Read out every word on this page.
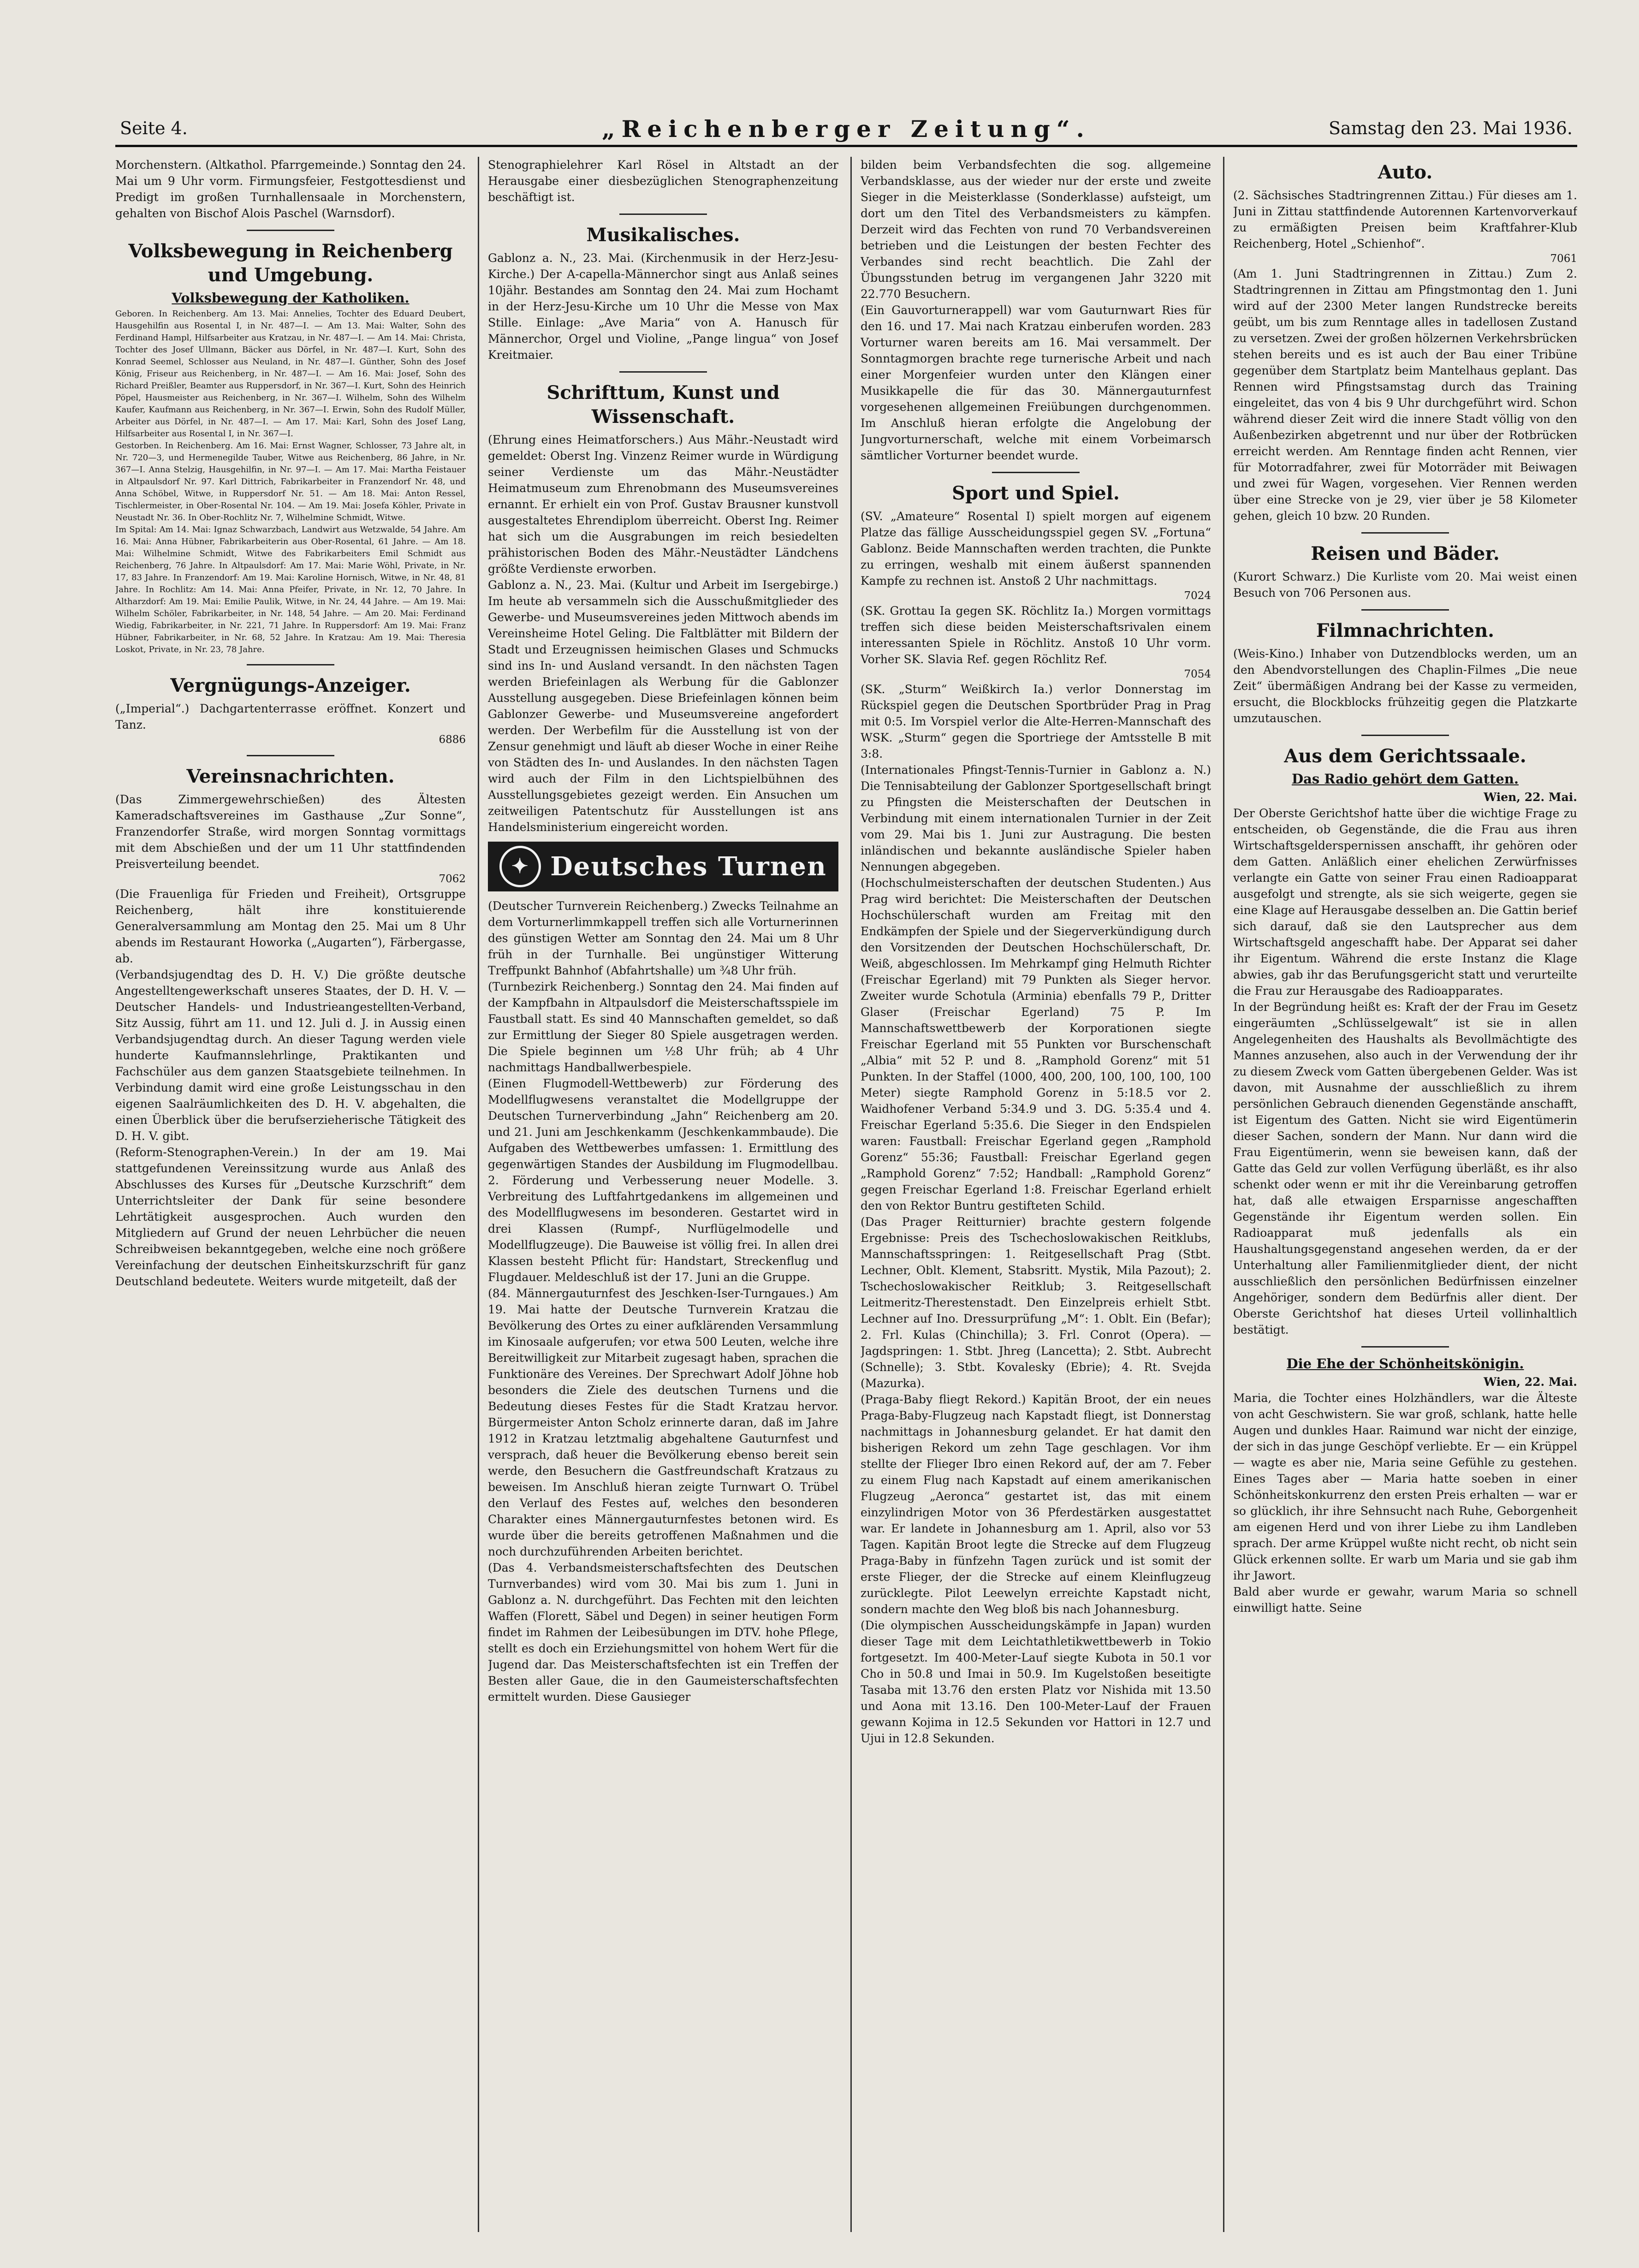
Seite 4.	„Reichenberger Zeitung“.	Samstag den 23. Mai 1936.

Morchenstern. (Altkathol. Pfarrgemeinde.) Sonntag den 24. Mai um 9 Uhr vorm. Firmungsfeier, Festgottesdienst und Predigt im großen Turnhallensaale in Morchenstern, gehalten von Bischof Alois Paschel (Warnsdorf).

Volksbewegung in Reichenberg und Umgebung.
Volksbewegung der Katholiken.

Geboren. In Reichenberg. Am 13. Mai: Annelies, Tochter des Eduard Deubert, Hausgehilfin aus Rosental I, in Nr. 487—I. — Am 13. Mai: Walter, Sohn des Ferdinand Hampl, Hilfsarbeiter aus Kratzau, in Nr. 487—I. — Am 14. Mai: Christa, Tochter des Josef Ullmann, Bäcker aus Dörfel, in Nr. 487—I. Kurt, Sohn des Konrad Seemel, Schlosser aus Neuland, in Nr. 487—I. Günther, Sohn des Josef König, Friseur aus Reichenberg, in Nr. 487—I. — Am 16. Mai: Josef, Sohn des Richard Preißler, Beamter aus Ruppersdorf, in Nr. 367—I. Kurt, Sohn des Heinrich Pöpel, Hausmeister aus Reichenberg, in Nr. 367—I. Wilhelm, Sohn des Wilhelm Kaufer, Kaufmann aus Reichenberg, in Nr. 367—I. Erwin, Sohn des Rudolf Müller, Arbeiter aus Dörfel, in Nr. 487—I. — Am 17. Mai: Karl, Sohn des Josef Lang, Hilfsarbeiter aus Rosental I, in Nr. 367—I.

Gestorben. In Reichenberg. Am 16. Mai: Ernst Wagner, Schlosser, 73 Jahre alt, in Nr. 720—3, und Hermenegilde Tauber, Witwe aus Reichenberg, 86 Jahre, in Nr. 367—I. Anna Stelzig, Hausgehilfin, in Nr. 97—I. — Am 17. Mai: Martha Feistauer in Altpaulsdorf Nr. 97. Karl Dittrich, Fabrikarbeiter in Franzendorf Nr. 48, und Anna Schöbel, Witwe, in Ruppersdorf Nr. 51. — Am 18. Mai: Anton Ressel, Tischlermeister, in Ober-Rosental Nr. 104. — Am 19. Mai: Josefa Köhler, Private in Neustadt Nr. 36. In Ober-Rochlitz Nr. 7, Wilhelmine Schmidt, Witwe.

Im Spital: Am 14. Mai: Ignaz Schwarzbach, Landwirt aus Wetzwalde, 54 Jahre. Am 16. Mai: Anna Hübner, Fabrikarbeiterin aus Ober-Rosental, 61 Jahre. — Am 18. Mai: Wilhelmine Schmidt, Witwe des Fabrikarbeiters Emil Schmidt aus Reichenberg, 76 Jahre. In Altpaulsdorf: Am 17. Mai: Marie Wöhl, Private, in Nr. 17, 83 Jahre. In Franzendorf: Am 19. Mai: Karoline Hornisch, Witwe, in Nr. 48, 81 Jahre. In Rochlitz: Am 14. Mai: Anna Pfeifer, Private, in Nr. 12, 70 Jahre. In Altharzdorf: Am 19. Mai: Emilie Paulik, Witwe, in Nr. 24, 44 Jahre. — Am 19. Mai: Wilhelm Schöler, Fabrikarbeiter, in Nr. 148, 54 Jahre. — Am 20. Mai: Ferdinand Wiedig, Fabrikarbeiter, in Nr. 221, 71 Jahre. In Ruppersdorf: Am 19. Mai: Franz Hübner, Fabrikarbeiter, in Nr. 68, 52 Jahre. In Kratzau: Am 19. Mai: Theresia Loskot, Private, in Nr. 23, 78 Jahre.

Vergnügungs-Anzeiger.

(„Imperial“.) Dachgartenterrasse eröffnet. Konzert und Tanz.

6886
Vereinsnachrichten.

(Das Zimmergewehrschießen) des Ältesten Kameradschaftsvereines im Gasthause „Zur Sonne“, Franzendorfer Straße, wird morgen Sonntag vormittags mit dem Abschießen und der um 11 Uhr stattfindenden Preisverteilung beendet.

7062

(Die Frauenliga für Frieden und Freiheit), Ortsgruppe Reichenberg, hält ihre konstituierende Generalversammlung am Montag den 25. Mai um 8 Uhr abends im Restaurant Howorka („Augarten“), Färbergasse, ab.

(Verbandsjugendtag des D. H. V.) Die größte deutsche Angestelltengewerkschaft unseres Staates, der D. H. V. — Deutscher Handels- und Industrieangestellten-Verband, Sitz Aussig, führt am 11. und 12. Juli d. J. in Aussig einen Verbandsjugendtag durch. An dieser Tagung werden viele hunderte Kaufmannslehrlinge, Praktikanten und Fachschüler aus dem ganzen Staatsgebiete teilnehmen. In Verbindung damit wird eine große Leistungsschau in den eigenen Saalräumlichkeiten des D. H. V. abgehalten, die einen Überblick über die berufserzieherische Tätigkeit des D. H. V. gibt.

(Reform-Stenographen-Verein.) In der am 19. Mai stattgefundenen Vereinssitzung wurde aus Anlaß des Abschlusses des Kurses für „Deutsche Kurzschrift“ dem Unterrichtsleiter der Dank für seine besondere Lehrtätigkeit ausgesprochen. Auch wurden den Mitgliedern auf Grund der neuen Lehrbücher die neuen Schreibweisen bekanntgegeben, welche eine noch größere Vereinfachung der deutschen Einheitskurzschrift für ganz Deutschland bedeutete. Weiters wurde mitgeteilt, daß der

Stenographielehrer Karl Rösel in Altstadt an der Herausgabe einer diesbezüglichen Stenographenzeitung beschäftigt ist.

Musikalisches.

Gablonz a. N., 23. Mai. (Kirchenmusik in der Herz-Jesu-Kirche.) Der A-capella-Männerchor singt aus Anlaß seines 10jähr. Bestandes am Sonntag den 24. Mai zum Hochamt in der Herz-Jesu-Kirche um 10 Uhr die Messe von Max Stille. Einlage: „Ave Maria“ von A. Hanusch für Männerchor, Orgel und Violine, „Pange lingua“ von Josef Kreitmaier.

Schrifttum, Kunst und Wissenschaft.

(Ehrung eines Heimatforschers.) Aus Mähr.-Neustadt wird gemeldet: Oberst Ing. Vinzenz Reimer wurde in Würdigung seiner Verdienste um das Mähr.-Neustädter Heimatmuseum zum Ehrenobmann des Museumsvereines ernannt. Er erhielt ein von Prof. Gustav Brausner kunstvoll ausgestaltetes Ehrendiplom überreicht. Oberst Ing. Reimer hat sich um die Ausgrabungen im reich besiedelten prähistorischen Boden des Mähr.-Neustädter Ländchens größte Verdienste erworben.

Gablonz a. N., 23. Mai. (Kultur und Arbeit im Isergebirge.) Im heute ab versammeln sich die Ausschußmitglieder des Gewerbe- und Museumsvereines jeden Mittwoch abends im Vereinsheime Hotel Geling. Die Faltblätter mit Bildern der Stadt und Erzeugnissen heimischen Glases und Schmucks sind ins In- und Ausland versandt. In den nächsten Tagen werden Briefeinlagen als Werbung für die Gablonzer Ausstellung ausgegeben. Diese Briefeinlagen können beim Gablonzer Gewerbe- und Museumsvereine angefordert werden. Der Werbefilm für die Ausstellung ist von der Zensur genehmigt und läuft ab dieser Woche in einer Reihe von Städten des In- und Auslandes. In den nächsten Tagen wird auch der Film in den Lichtspielbühnen des Ausstellungsgebietes gezeigt werden. Ein Ansuchen um zeitweiligen Patentschutz für Ausstellungen ist ans Handelsministerium eingereicht worden.

✦
Deutsches Turnen

(Deutscher Turnverein Reichenberg.) Zwecks Teilnahme an dem Vorturnerlimmkappell treffen sich alle Vorturnerinnen des günstigen Wetter am Sonntag den 24. Mai um 8 Uhr früh in der Turnhalle. Bei ungünstiger Witterung Treffpunkt Bahnhof (Abfahrtshalle) um ¾8 Uhr früh.

(Turnbezirk Reichenberg.) Sonntag den 24. Mai finden auf der Kampfbahn in Altpaulsdorf die Meisterschaftsspiele im Faustball statt. Es sind 40 Mannschaften gemeldet, so daß zur Ermittlung der Sieger 80 Spiele ausgetragen werden. Die Spiele beginnen um ½8 Uhr früh; ab 4 Uhr nachmittags Handballwerbespiele.

(Einen Flugmodell-Wettbewerb) zur Förderung des Modellflugwesens veranstaltet die Modellgruppe der Deutschen Turnerverbindung „Jahn“ Reichenberg am 20. und 21. Juni am Jeschkenkamm (Jeschkenkammbaude). Die Aufgaben des Wettbewerbes umfassen: 1. Ermittlung des gegenwärtigen Standes der Ausbildung im Flugmodellbau. 2. Förderung und Verbesserung neuer Modelle. 3. Verbreitung des Luftfahrtgedankens im allgemeinen und des Modellflugwesens im besonderen. Gestartet wird in drei Klassen (Rumpf-, Nurflügelmodelle und Modellflugzeuge). Die Bauweise ist völlig frei. In allen drei Klassen besteht Pflicht für: Handstart, Streckenflug und Flugdauer. Meldeschluß ist der 17. Juni an die Gruppe.

(84. Männergauturnfest des Jeschken-Iser-Turngaues.) Am 19. Mai hatte der Deutsche Turnverein Kratzau die Bevölkerung des Ortes zu einer aufklärenden Versammlung im Kinosaale aufgerufen; vor etwa 500 Leuten, welche ihre Bereitwilligkeit zur Mitarbeit zugesagt haben, sprachen die Funktionäre des Vereines. Der Sprechwart Adolf Jöhne hob besonders die Ziele des deutschen Turnens und die Bedeutung dieses Festes für die Stadt Kratzau hervor. Bürgermeister Anton Scholz erinnerte daran, daß im Jahre 1912 in Kratzau letztmalig abgehaltene Gauturnfest und versprach, daß heuer die Bevölkerung ebenso bereit sein werde, den Besuchern die Gastfreundschaft Kratzaus zu beweisen. Im Anschluß hieran zeigte Turnwart O. Trübel den Verlauf des Festes auf, welches den besonderen Charakter eines Männergauturnfestes betonen wird. Es wurde über die bereits getroffenen Maßnahmen und die noch durchzuführenden Arbeiten berichtet.

(Das 4. Verbandsmeisterschaftsfechten des Deutschen Turnverbandes) wird vom 30. Mai bis zum 1. Juni in Gablonz a. N. durchgeführt. Das Fechten mit den leichten Waffen (Florett, Säbel und Degen) in seiner heutigen Form findet im Rahmen der Leibesübungen im DTV. hohe Pflege, stellt es doch ein Erziehungsmittel von hohem Wert für die Jugend dar. Das Meisterschaftsfechten ist ein Treffen der Besten aller Gaue, die in den Gaumeisterschaftsfechten ermittelt wurden. Diese Gausieger

bilden beim Verbandsfechten die sog. allgemeine Verbandsklasse, aus der wieder nur der erste und zweite Sieger in die Meisterklasse (Sonderklasse) aufsteigt, um dort um den Titel des Verbandsmeisters zu kämpfen. Derzeit wird das Fechten von rund 70 Verbandsvereinen betrieben und die Leistungen der besten Fechter des Verbandes sind recht beachtlich. Die Zahl der Übungsstunden betrug im vergangenen Jahr 3220 mit 22.770 Besuchern.

(Ein Gauvorturnerappell) war vom Gauturnwart Ries für den 16. und 17. Mai nach Kratzau einberufen worden. 283 Vorturner waren bereits am 16. Mai versammelt. Der Sonntagmorgen brachte rege turnerische Arbeit und nach einer Morgenfeier wurden unter den Klängen einer Musikkapelle die für das 30. Männergauturnfest vorgesehenen allgemeinen Freiübungen durchgenommen. Im Anschluß hieran erfolgte die Angelobung der Jungvorturnerschaft, welche mit einem Vorbeimarsch sämtlicher Vorturner beendet wurde.

Sport und Spiel.

(SV. „Amateure“ Rosental I) spielt morgen auf eigenem Platze das fällige Ausscheidungsspiel gegen SV. „Fortuna“ Gablonz. Beide Mannschaften werden trachten, die Punkte zu erringen, weshalb mit einem äußerst spannenden Kampfe zu rechnen ist. Anstoß 2 Uhr nachmittags.

7024

(SK. Grottau Ia gegen SK. Röchlitz Ia.) Morgen vormittags treffen sich diese beiden Meisterschaftsrivalen einem interessanten Spiele in Röchlitz. Anstoß 10 Uhr vorm. Vorher SK. Slavia Ref. gegen Röchlitz Ref.

7054

(SK. „Sturm“ Weißkirch Ia.) verlor Donnerstag im Rückspiel gegen die Deutschen Sportbrüder Prag in Prag mit 0:5. Im Vorspiel verlor die Alte-Herren-Mannschaft des WSK. „Sturm“ gegen die Sportriege der Amtsstelle B mit 3:8.

(Internationales Pfingst-Tennis-Turnier in Gablonz a. N.) Die Tennisabteilung der Gablonzer Sportgesellschaft bringt zu Pfingsten die Meisterschaften der Deutschen in Verbindung mit einem internationalen Turnier in der Zeit vom 29. Mai bis 1. Juni zur Austragung. Die besten inländischen und bekannte ausländische Spieler haben Nennungen abgegeben.

(Hochschulmeisterschaften der deutschen Studenten.) Aus Prag wird berichtet: Die Meisterschaften der Deutschen Hochschülerschaft wurden am Freitag mit den Endkämpfen der Spiele und der Siegerverkündigung durch den Vorsitzenden der Deutschen Hochschülerschaft, Dr. Weiß, abgeschlossen. Im Mehrkampf ging Helmuth Richter (Freischar Egerland) mit 79 Punkten als Sieger hervor. Zweiter wurde Schotula (Arminia) ebenfalls 79 P., Dritter Glaser (Freischar Egerland) 75 P. Im Mannschaftswettbewerb der Korporationen siegte Freischar Egerland mit 55 Punkten vor Burschenschaft „Albia“ mit 52 P. und 8. „Ramphold Gorenz“ mit 51 Punkten. In der Staffel (1000, 400, 200, 100, 100, 100, 100 Meter) siegte Ramphold Gorenz in 5:18.5 vor 2. Waidhofener Verband 5:34.9 und 3. DG. 5:35.4 und 4. Freischar Egerland 5:35.6. Die Sieger in den Endspielen waren: Faustball: Freischar Egerland gegen „Ramphold Gorenz“ 55:36; Faustball: Freischar Egerland gegen „Ramphold Gorenz“ 7:52; Handball: „Ramphold Gorenz“ gegen Freischar Egerland 1:8. Freischar Egerland erhielt den von Rektor Buntru gestifteten Schild.

(Das Prager Reitturnier) brachte gestern folgende Ergebnisse: Preis des Tschechoslowakischen Reitklubs, Mannschaftsspringen: 1. Reitgesellschaft Prag (Stbt. Lechner, Oblt. Klement, Stabsritt. Mystik, Mila Pazout); 2. Tschechoslowakischer Reitklub; 3. Reitgesellschaft Leitmeritz-Therestenstadt. Den Einzelpreis erhielt Stbt. Lechner auf Ino. Dressurprüfung „M“: 1. Oblt. Ein (Befar); 2. Frl. Kulas (Chinchilla); 3. Frl. Conrot (Opera). — Jagdspringen: 1. Stbt. Jhreg (Lancetta); 2. Stbt. Aubrecht (Schnelle); 3. Stbt. Kovalesky (Ebrie); 4. Rt. Svejda (Mazurka).

(Praga-Baby fliegt Rekord.) Kapitän Broot, der ein neues Praga-Baby-Flugzeug nach Kapstadt fliegt, ist Donnerstag nachmittags in Johannesburg gelandet. Er hat damit den bisherigen Rekord um zehn Tage geschlagen. Vor ihm stellte der Flieger Ibro einen Rekord auf, der am 7. Feber zu einem Flug nach Kapstadt auf einem amerikanischen Flugzeug „Aeronca“ gestartet ist, das mit einem einzylindrigen Motor von 36 Pferdestärken ausgestattet war. Er landete in Johannesburg am 1. April, also vor 53 Tagen. Kapitän Broot legte die Strecke auf dem Flugzeug Praga-Baby in fünfzehn Tagen zurück und ist somit der erste Flieger, der die Strecke auf einem Kleinflugzeug zurücklegte. Pilot Leewelyn erreichte Kapstadt nicht, sondern machte den Weg bloß bis nach Johannesburg.

(Die olympischen Ausscheidungskämpfe in Japan) wurden dieser Tage mit dem Leichtathletikwettbewerb in Tokio fortgesetzt. Im 400-Meter-Lauf siegte Kubota in 50.1 vor Cho in 50.8 und Imai in 50.9. Im Kugelstoßen beseitigte Tasaba mit 13.76 den ersten Platz vor Nishida mit 13.50 und Aona mit 13.16. Den 100-Meter-Lauf der Frauen gewann Kojima in 12.5 Sekunden vor Hattori in 12.7 und Ujui in 12.8 Sekunden.

Auto.

(2. Sächsisches Stadtringrennen Zittau.) Für dieses am 1. Juni in Zittau stattfindende Autorennen Kartenvorverkauf zu ermäßigten Preisen beim Kraftfahrer-Klub Reichenberg, Hotel „Schienhof“.

7061

(Am 1. Juni Stadtringrennen in Zittau.) Zum 2. Stadtringrennen in Zittau am Pfingstmontag den 1. Juni wird auf der 2300 Meter langen Rundstrecke bereits geübt, um bis zum Renntage alles in tadellosen Zustand zu versetzen. Zwei der großen hölzernen Verkehrsbrücken stehen bereits und es ist auch der Bau einer Tribüne gegenüber dem Startplatz beim Mantelhaus geplant. Das Rennen wird Pfingstsamstag durch das Training eingeleitet, das von 4 bis 9 Uhr durchgeführt wird. Schon während dieser Zeit wird die innere Stadt völlig von den Außenbezirken abgetrennt und nur über der Rotbrücken erreicht werden. Am Renntage finden acht Rennen, vier für Motorradfahrer, zwei für Motorräder mit Beiwagen und zwei für Wagen, vorgesehen. Vier Rennen werden über eine Strecke von je 29, vier über je 58 Kilometer gehen, gleich 10 bzw. 20 Runden.

Reisen und Bäder.

(Kurort Schwarz.) Die Kurliste vom 20. Mai weist einen Besuch von 706 Personen aus.

Filmnachrichten.

(Weis-Kino.) Inhaber von Dutzendblocks werden, um an den Abendvorstellungen des Chaplin-Filmes „Die neue Zeit“ übermäßigen Andrang bei der Kasse zu vermeiden, ersucht, die Blockblocks frühzeitig gegen die Platzkarte umzutauschen.

Aus dem Gerichtssaale.
Das Radio gehört dem Gatten.

Wien, 22. Mai.

Der Oberste Gerichtshof hatte über die wichtige Frage zu entscheiden, ob Gegenstände, die die Frau aus ihren Wirtschaftsgelderspernissen anschafft, ihr gehören oder dem Gatten. Anläßlich einer ehelichen Zerwürfnisses verlangte ein Gatte von seiner Frau einen Radioapparat ausgefolgt und strengte, als sie sich weigerte, gegen sie eine Klage auf Herausgabe desselben an. Die Gattin berief sich darauf, daß sie den Lautsprecher aus dem Wirtschaftsgeld angeschafft habe. Der Apparat sei daher ihr Eigentum. Während die erste Instanz die Klage abwies, gab ihr das Berufungsgericht statt und verurteilte die Frau zur Herausgabe des Radioapparates.

In der Begründung heißt es: Kraft der der Frau im Gesetz eingeräumten „Schlüsselgewalt“ ist sie in allen Angelegenheiten des Haushalts als Bevollmächtigte des Mannes anzusehen, also auch in der Verwendung der ihr zu diesem Zweck vom Gatten übergebenen Gelder. Was ist davon, mit Ausnahme der ausschließlich zu ihrem persönlichen Gebrauch dienenden Gegenstände anschafft, ist Eigentum des Gatten. Nicht sie wird Eigentümerin dieser Sachen, sondern der Mann. Nur dann wird die Frau Eigentümerin, wenn sie beweisen kann, daß der Gatte das Geld zur vollen Verfügung überläßt, es ihr also schenkt oder wenn er mit ihr die Vereinbarung getroffen hat, daß alle etwaigen Ersparnisse angeschafften Gegenstände ihr Eigentum werden sollen. Ein Radioapparat muß jedenfalls als ein Haushaltungsgegenstand angesehen werden, da er der Unterhaltung aller Familienmitglieder dient, der nicht ausschließlich den persönlichen Bedürfnissen einzelner Angehöriger, sondern dem Bedürfnis aller dient. Der Oberste Gerichtshof hat dieses Urteil vollinhaltlich bestätigt.

Die Ehe der Schönheitskönigin.

Wien, 22. Mai.

Maria, die Tochter eines Holzhändlers, war die Älteste von acht Geschwistern. Sie war groß, schlank, hatte helle Augen und dunkles Haar. Raimund war nicht der einzige, der sich in das junge Geschöpf verliebte. Er — ein Krüppel — wagte es aber nie, Maria seine Gefühle zu gestehen. Eines Tages aber — Maria hatte soeben in einer Schönheitskonkurrenz den ersten Preis erhalten — war er so glücklich, ihr ihre Sehnsucht nach Ruhe, Geborgenheit am eigenen Herd und von ihrer Liebe zu ihm Landleben sprach. Der arme Krüppel wußte nicht recht, ob nicht sein Glück erkennen sollte. Er warb um Maria und sie gab ihm ihr Jawort.

Bald aber wurde er gewahr, warum Maria so schnell einwilligt hatte. Seine
